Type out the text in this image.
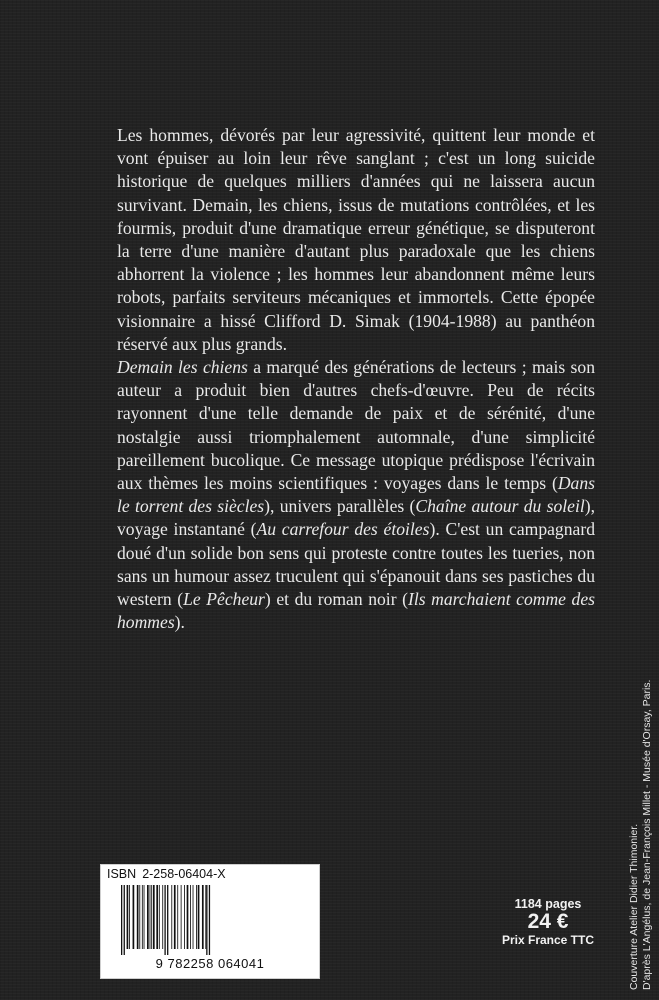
Les hommes, dévorés par leur agressivité, quittent leur monde et vont épuiser au loin leur rêve sanglant ; c'est un long suicide historique de quelques milliers d'années qui ne laissera aucun survivant. Demain, les chiens, issus de mutations contrôlées, et les fourmis, produit d'une dramatique erreur génétique, se disputeront la terre d'une manière d'autant plus paradoxale que les chiens abhorrent la violence ; les hommes leur abandonnent même leurs robots, parfaits serviteurs mécaniques et immortels. Cette épopée visionnaire a hissé Clifford D. Simak (1904-1988) au panthéon réservé aux plus grands.

Demain les chiens a marqué des générations de lecteurs ; mais son auteur a produit bien d'autres chefs-d'œuvre. Peu de récits rayonnent d'une telle demande de paix et de sérénité, d'une nostalgie aussi triomphalement automnale, d'une simplicité pareillement bucolique. Ce message utopique prédispose l'écrivain aux thèmes les moins scientifiques : voyages dans le temps (Dans le torrent des siècles), univers parallèles (Chaîne autour du soleil), voyage instantané (Au carrefour des étoiles). C'est un campagnard doué d'un solide bon sens qui proteste contre toutes les tueries, non sans un humour assez truculent qui s'épanouit dans ses pastiches du western (Le Pêcheur) et du roman noir (Ils marchaient comme des hommes).

ISBN 2-258-06404-X
9 782258 064041
1184 pages
24 €
Prix France TTC	Couverture Atelier Didier Thimonier. D'après L'Angélus, de Jean-François Millet - Musée d'Orsay, Paris.
